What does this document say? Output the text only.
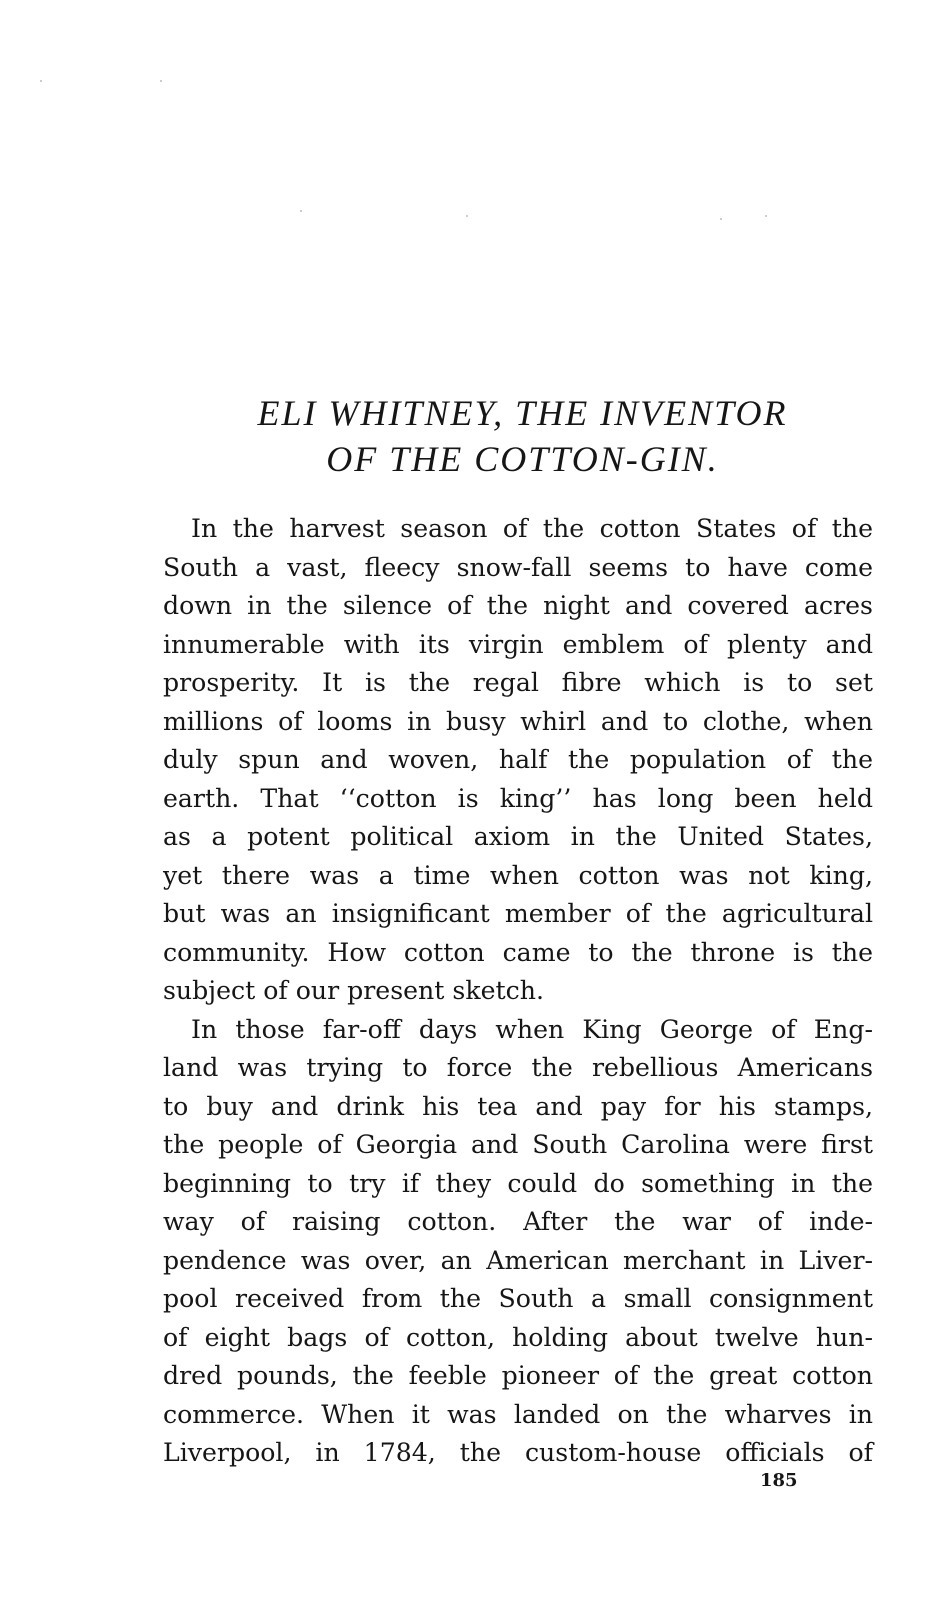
ELI WHITNEY, THE INVENTOR
OF THE COTTON-GIN.
In the harvest season of the cotton States of the
South a vast, fleecy snow-fall seems to have come
down in the silence of the night and covered acres
innumerable with its virgin emblem of plenty and
prosperity. It is the regal fibre which is to set
millions of looms in busy whirl and to clothe, when
duly spun and woven, half the population of the
earth. That ‘‘cotton is king’’ has long been held
as a potent political axiom in the United States,
yet there was a time when cotton was not king,
but was an insignificant member of the agricultural
community. How cotton came to the throne is the
subject of our present sketch.
In those far-off days when King George of Eng-
land was trying to force the rebellious Americans
to buy and drink his tea and pay for his stamps,
the people of Georgia and South Carolina were first
beginning to try if they could do something in the
way of raising cotton. After the war of inde-
pendence was over, an American merchant in Liver-
pool received from the South a small consignment
of eight bags of cotton, holding about twelve hun-
dred pounds, the feeble pioneer of the great cotton
commerce. When it was landed on the wharves in
Liverpool, in 1784, the custom-house officials of
185
